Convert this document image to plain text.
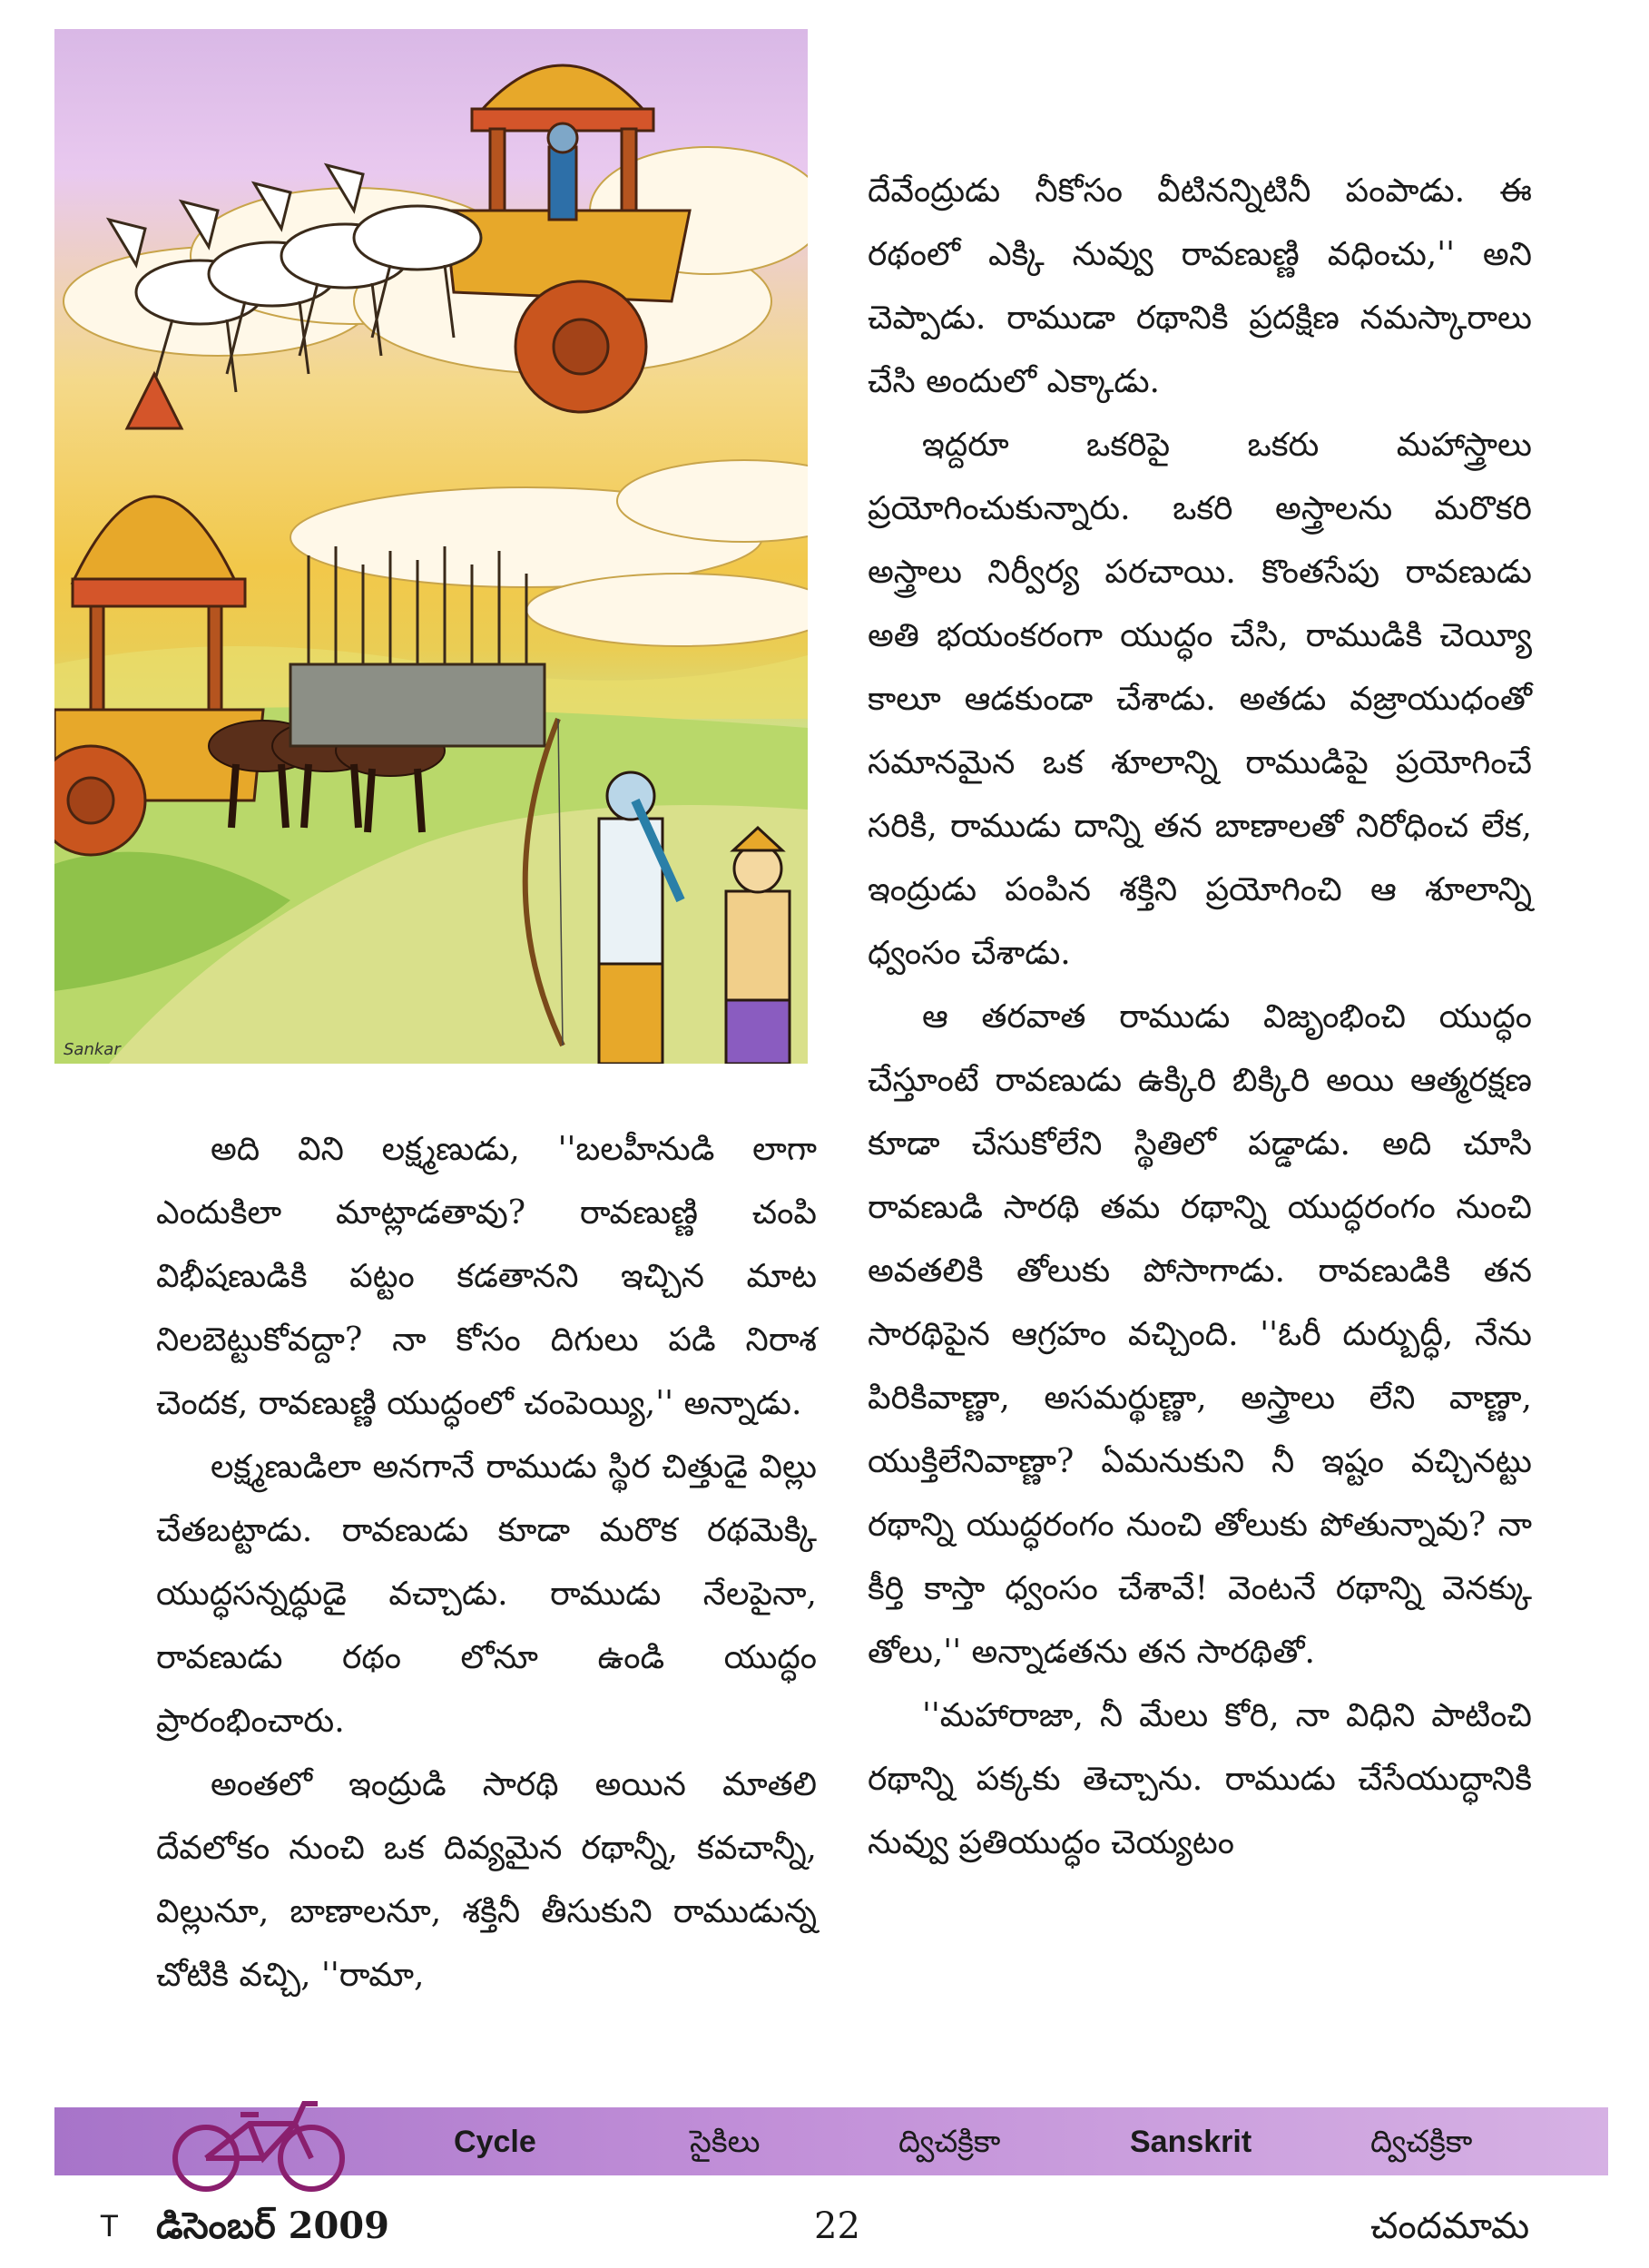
Sankar

దేవేంద్రుడు నీకోసం వీటినన్నిటినీ పంపాడు. ఈ రథంలో ఎక్కి నువ్వు రావణుణ్ణి వధించు,'' అని చెప్పాడు. రాముడా రథానికి ప్రదక్షిణ నమస్కారాలు చేసి అందులో ఎక్కాడు.

ఇద్దరూ ఒకరిపై ఒకరు మహాస్త్రాలు ప్రయోగించుకున్నారు. ఒకరి అస్త్రాలను మరొకరి అస్త్రాలు నిర్వీర్య పరచాయి. కొంతసేపు రావణుడు అతి భయంకరంగా యుద్ధం చేసి, రాముడికి చెయ్యీ కాలూ ఆడకుండా చేశాడు. అతడు వజ్రాయుధంతో సమానమైన ఒక శూలాన్ని రాముడిపై ప్రయోగించే సరికి, రాముడు దాన్ని తన బాణాలతో నిరోధించ లేక, ఇంద్రుడు పంపిన శక్తిని ప్రయోగించి ఆ శూలాన్ని ధ్వంసం చేశాడు.

ఆ తరవాత రాముడు విజృంభించి యుద్ధం చేస్తూంటే రావణుడు ఉక్కిరి బిక్కిరి అయి ఆత్మరక్షణ కూడా చేసుకోలేని స్థితిలో పడ్డాడు. అది చూసి రావణుడి సారథి తమ రథాన్ని యుద్ధరంగం నుంచి అవతలికి తోలుకు పోసాగాడు. రావణుడికి తన సారథిపైన ఆగ్రహం వచ్చింది. ''ఓరీ దుర్బుద్ధీ, నేను పిరికివాణ్ణా, అసమర్థుణ్ణా, అస్త్రాలు లేని వాణ్ణా, యుక్తిలేనివాణ్ణా? ఏమనుకుని నీ ఇష్టం వచ్చినట్టు రథాన్ని యుద్ధరంగం నుంచి తోలుకు పోతున్నావు? నా కీర్తి కాస్తా ధ్వంసం చేశావే! వెంటనే రథాన్ని వెనక్కు తోలు,'' అన్నాడతను తన సారథితో.

''మహారాజా, నీ మేలు కోరి, నా విధిని పాటించి రథాన్ని పక్కకు తెచ్చాను. రాముడు చేసేయుద్ధానికి నువ్వు ప్రతియుద్ధం చెయ్యటం

అది విని లక్ష్మణుడు, ''బలహీనుడి లాగా ఎందుకిలా మాట్లాడతావు? రావణుణ్ణి చంపి విభీషణుడికి పట్టం కడతానని ఇచ్చిన మాట నిలబెట్టుకోవద్దా? నా కోసం దిగులు పడి నిరాశ చెందక, రావణుణ్ణి యుద్ధంలో చంపెయ్యి,'' అన్నాడు.

లక్ష్మణుడిలా అనగానే రాముడు స్థిర చిత్తుడై విల్లు చేతబట్టాడు. రావణుడు కూడా మరొక రథమెక్కి యుద్ధసన్నద్ధుడై వచ్చాడు. రాముడు నేలపైనా, రావణుడు రథం లోనూ ఉండి యుద్ధం ప్రారంభించారు.

అంతలో ఇంద్రుడి సారథి అయిన మాతలి దేవలోకం నుంచి ఒక దివ్యమైన రథాన్నీ, కవచాన్నీ, విల్లునూ, బాణాలనూ, శక్తినీ తీసుకుని రాముడున్న చోటికి వచ్చి, ''రామా,

Cycle	సైకిలు	ద్విచక్రికా	Sanskrit	ద్విచక్రికా
T డిసెంబర్ 2009	22	చందమామ
